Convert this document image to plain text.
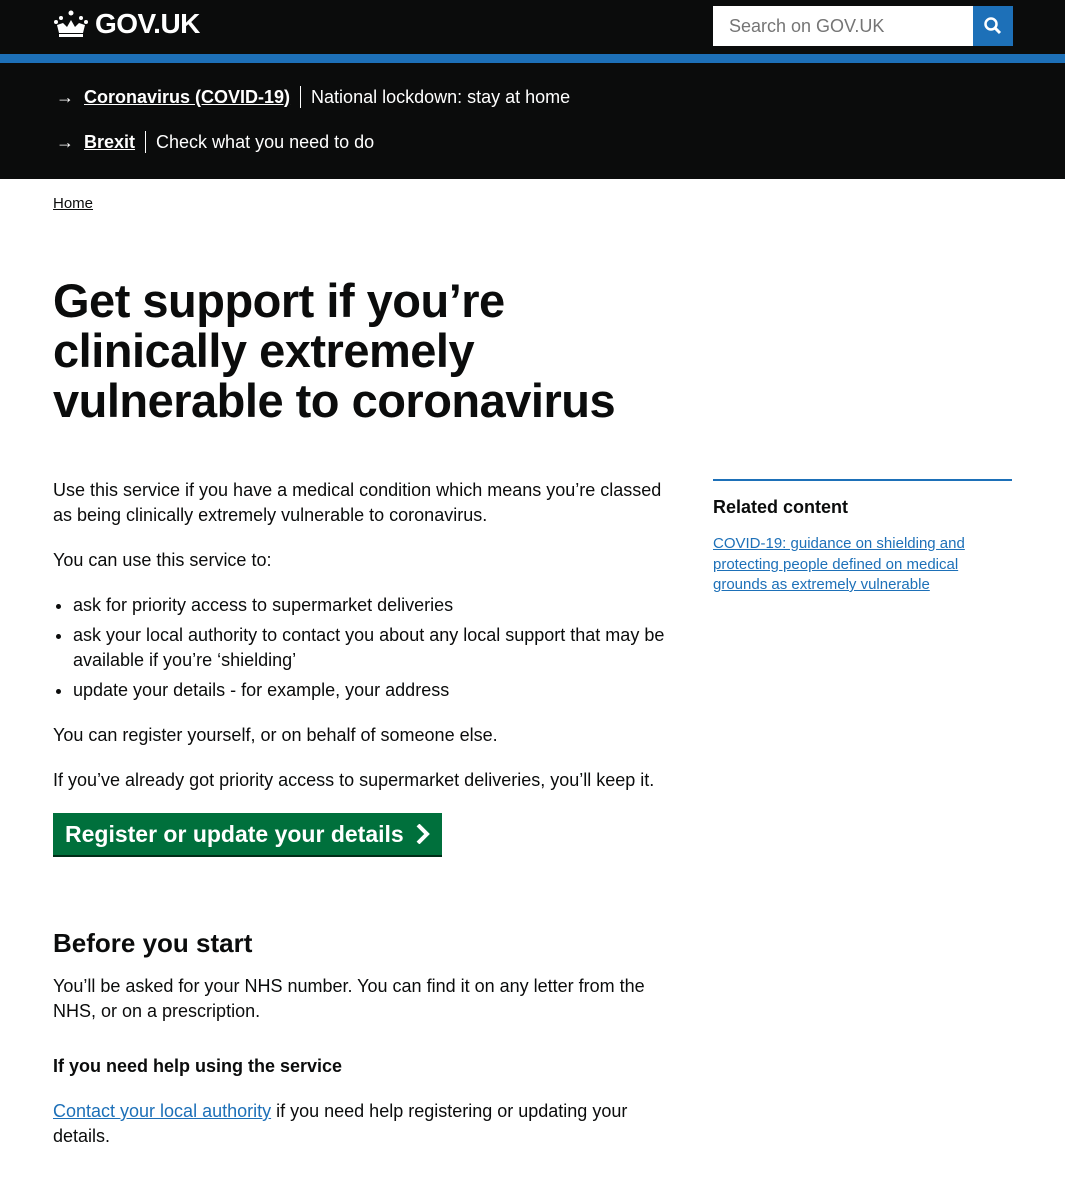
GOV.UK
Search on GOV.UK
→ Coronavirus (COVID-19) National lockdown: stay at home
→ Brexit Check what you need to do
Home
Get support if you’re clinically extremely vulnerable to coronavirus

Use this service if you have a medical condition which means you’re classed as being clinically extremely vulnerable to coronavirus.

You can use this service to:

• ask for priority access to supermarket deliveries
• ask your local authority to contact you about any local support that may be available if you’re ‘shielding’
• update your details - for example, your address

You can register yourself, or on behalf of someone else.

If you’ve already got priority access to supermarket deliveries, you’ll keep it.

Register or update your details
Before you start

You’ll be asked for your NHS number. You can find it on any letter from the NHS, or on a prescription.

If you need help using the service

Contact your local authority if you need help registering or updating your details.

Related content
COVID-19: guidance on shielding and protecting people defined on medical grounds as extremely vulnerable
